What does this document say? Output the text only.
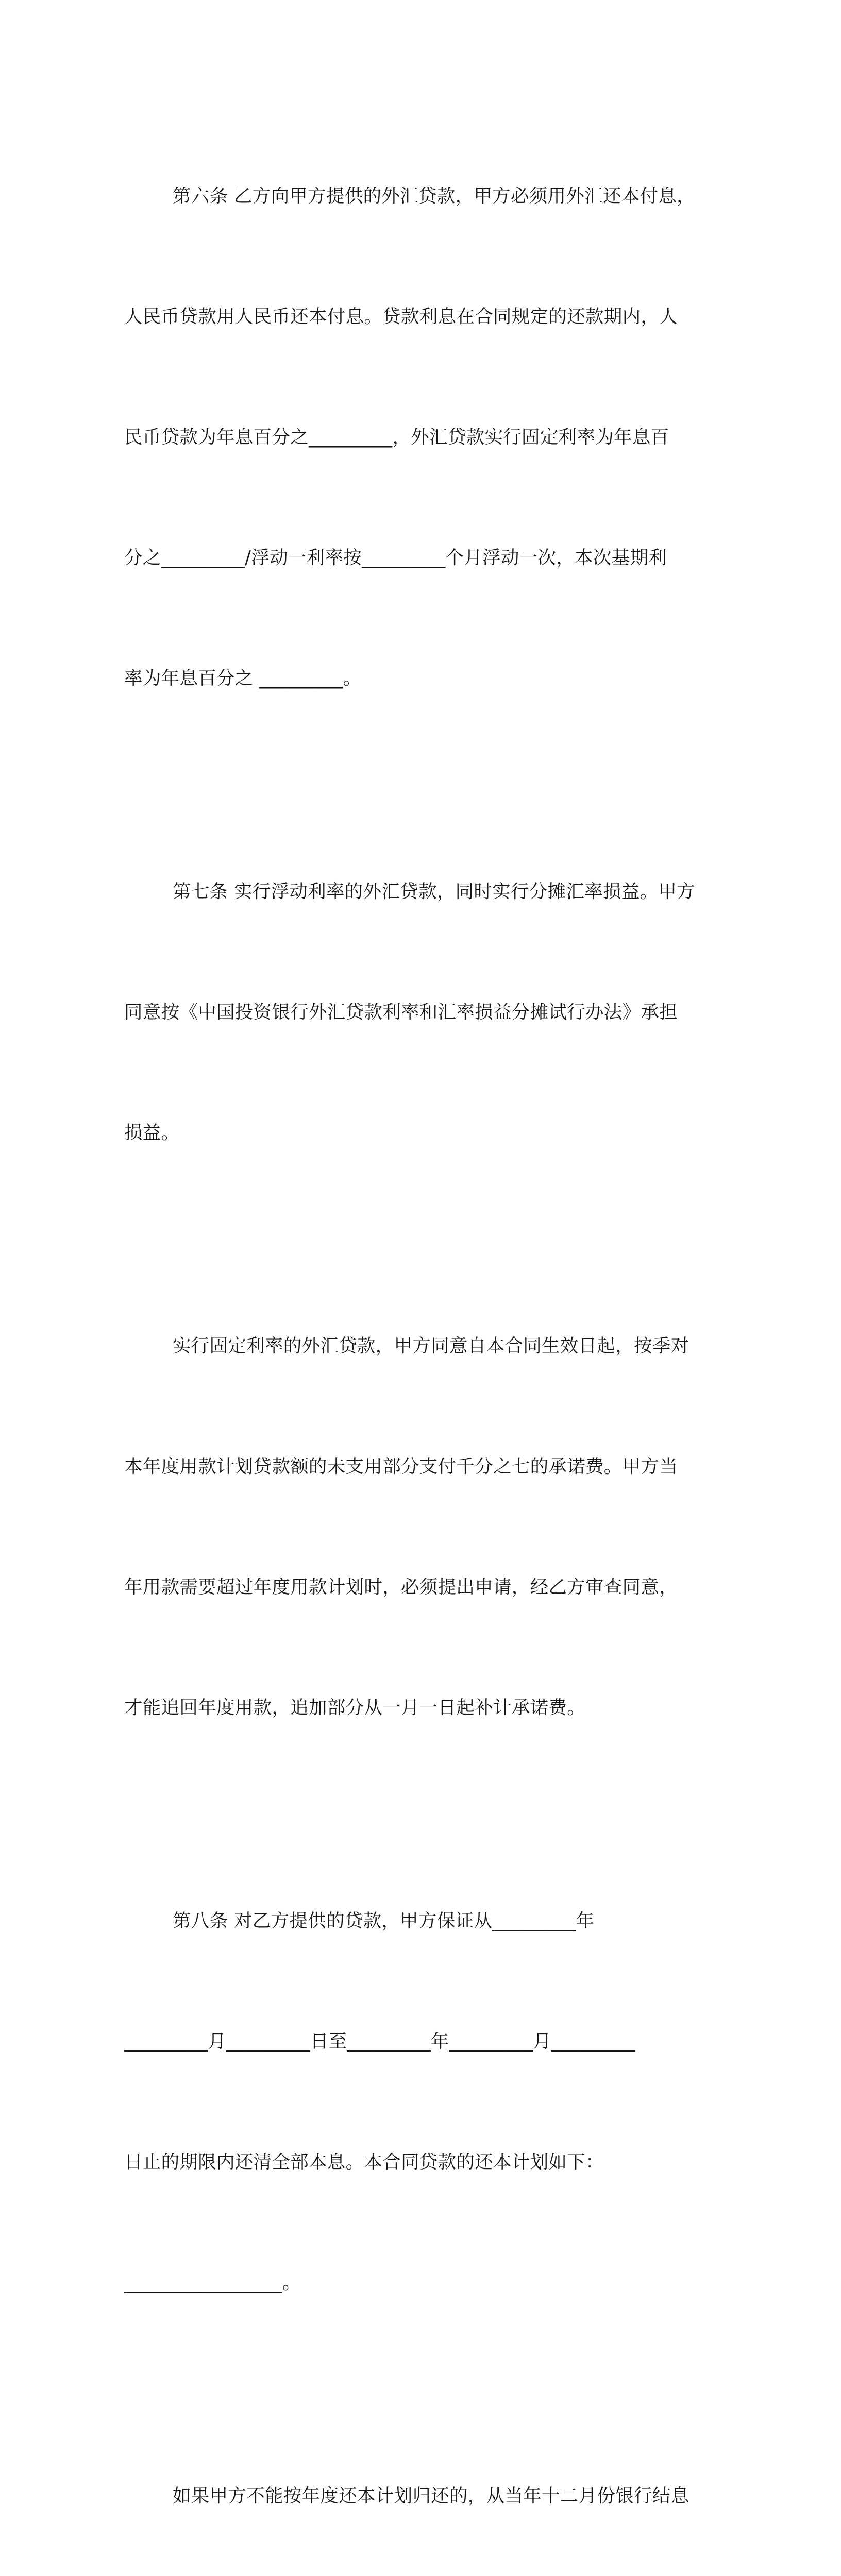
第六条 乙方向甲方提供的外汇贷款，甲方必须用外汇还本付息，

人民币贷款用人民币还本付息。贷款利息在合同规定的还款期内，人

民币贷款为年息百分之_________，外汇贷款实行固定利率为年息百

分之_________/浮动一利率按_________个月浮动一次，本次基期利

率为年息百分之 _________。

第七条 实行浮动利率的外汇贷款，同时实行分摊汇率损益。甲方

同意按《中国投资银行外汇贷款利率和汇率损益分摊试行办法》承担

损益。

实行固定利率的外汇贷款，甲方同意自本合同生效日起，按季对

本年度用款计划贷款额的未支用部分支付千分之七的承诺费。甲方当

年用款需要超过年度用款计划时，必须提出申请，经乙方审查同意，

才能追回年度用款，追加部分从一月一日起补计承诺费。

第八条 对乙方提供的贷款，甲方保证从_________年

_________月_________日至_________年_________月_________

日止的期限内还清全部本息。本合同贷款的还本计划如下：

_________________。

如果甲方不能按年度还本计划归还的，从当年十二月份银行结息
